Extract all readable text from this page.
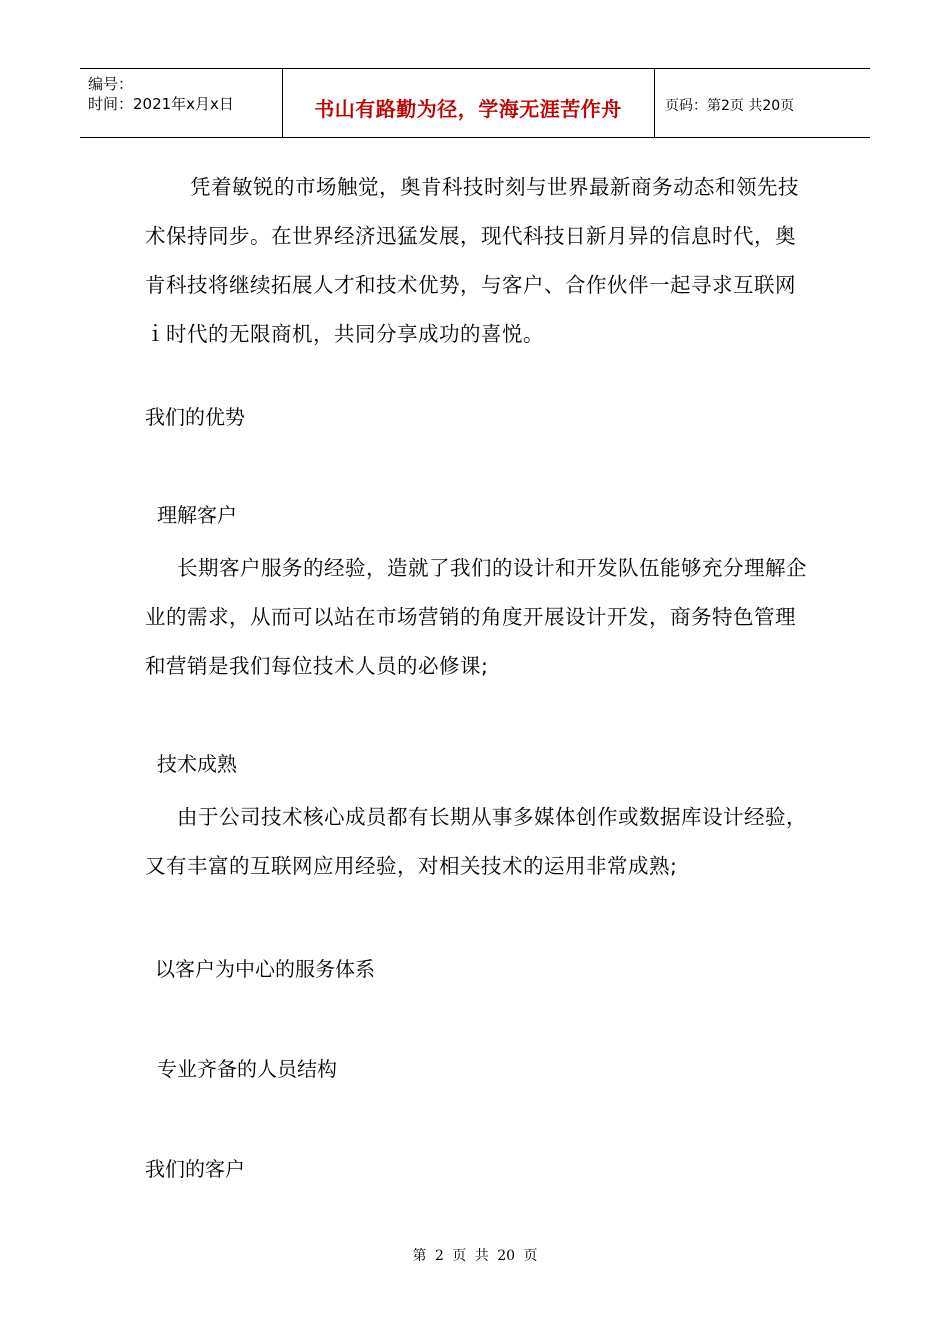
编号：
时间：2021年x月x日	书山有路勤为径，学海无涯苦作舟	页码：第2页 共20页

凭着敏锐的市场触觉，奥肯科技时刻与世界最新商务动态和领先技术保持同步。在世界经济迅猛发展，现代科技日新月异的信息时代，奥肯科技将继续拓展人才和技术优势，与客户、合作伙伴一起寻求互联网ｉ时代的无限商机，共同分享成功的喜悦。

我们的优势

理解客户

长期客户服务的经验，造就了我们的设计和开发队伍能够充分理解企业的需求，从而可以站在市场营销的角度开展设计开发，商务特色管理和营销是我们每位技术人员的必修课;

技术成熟

由于公司技术核心成员都有长期从事多媒体创作或数据库设计经验，又有丰富的互联网应用经验，对相关技术的运用非常成熟;

以客户为中心的服务体系

专业齐备的人员结构

我们的客户

第 2 页 共 20 页
